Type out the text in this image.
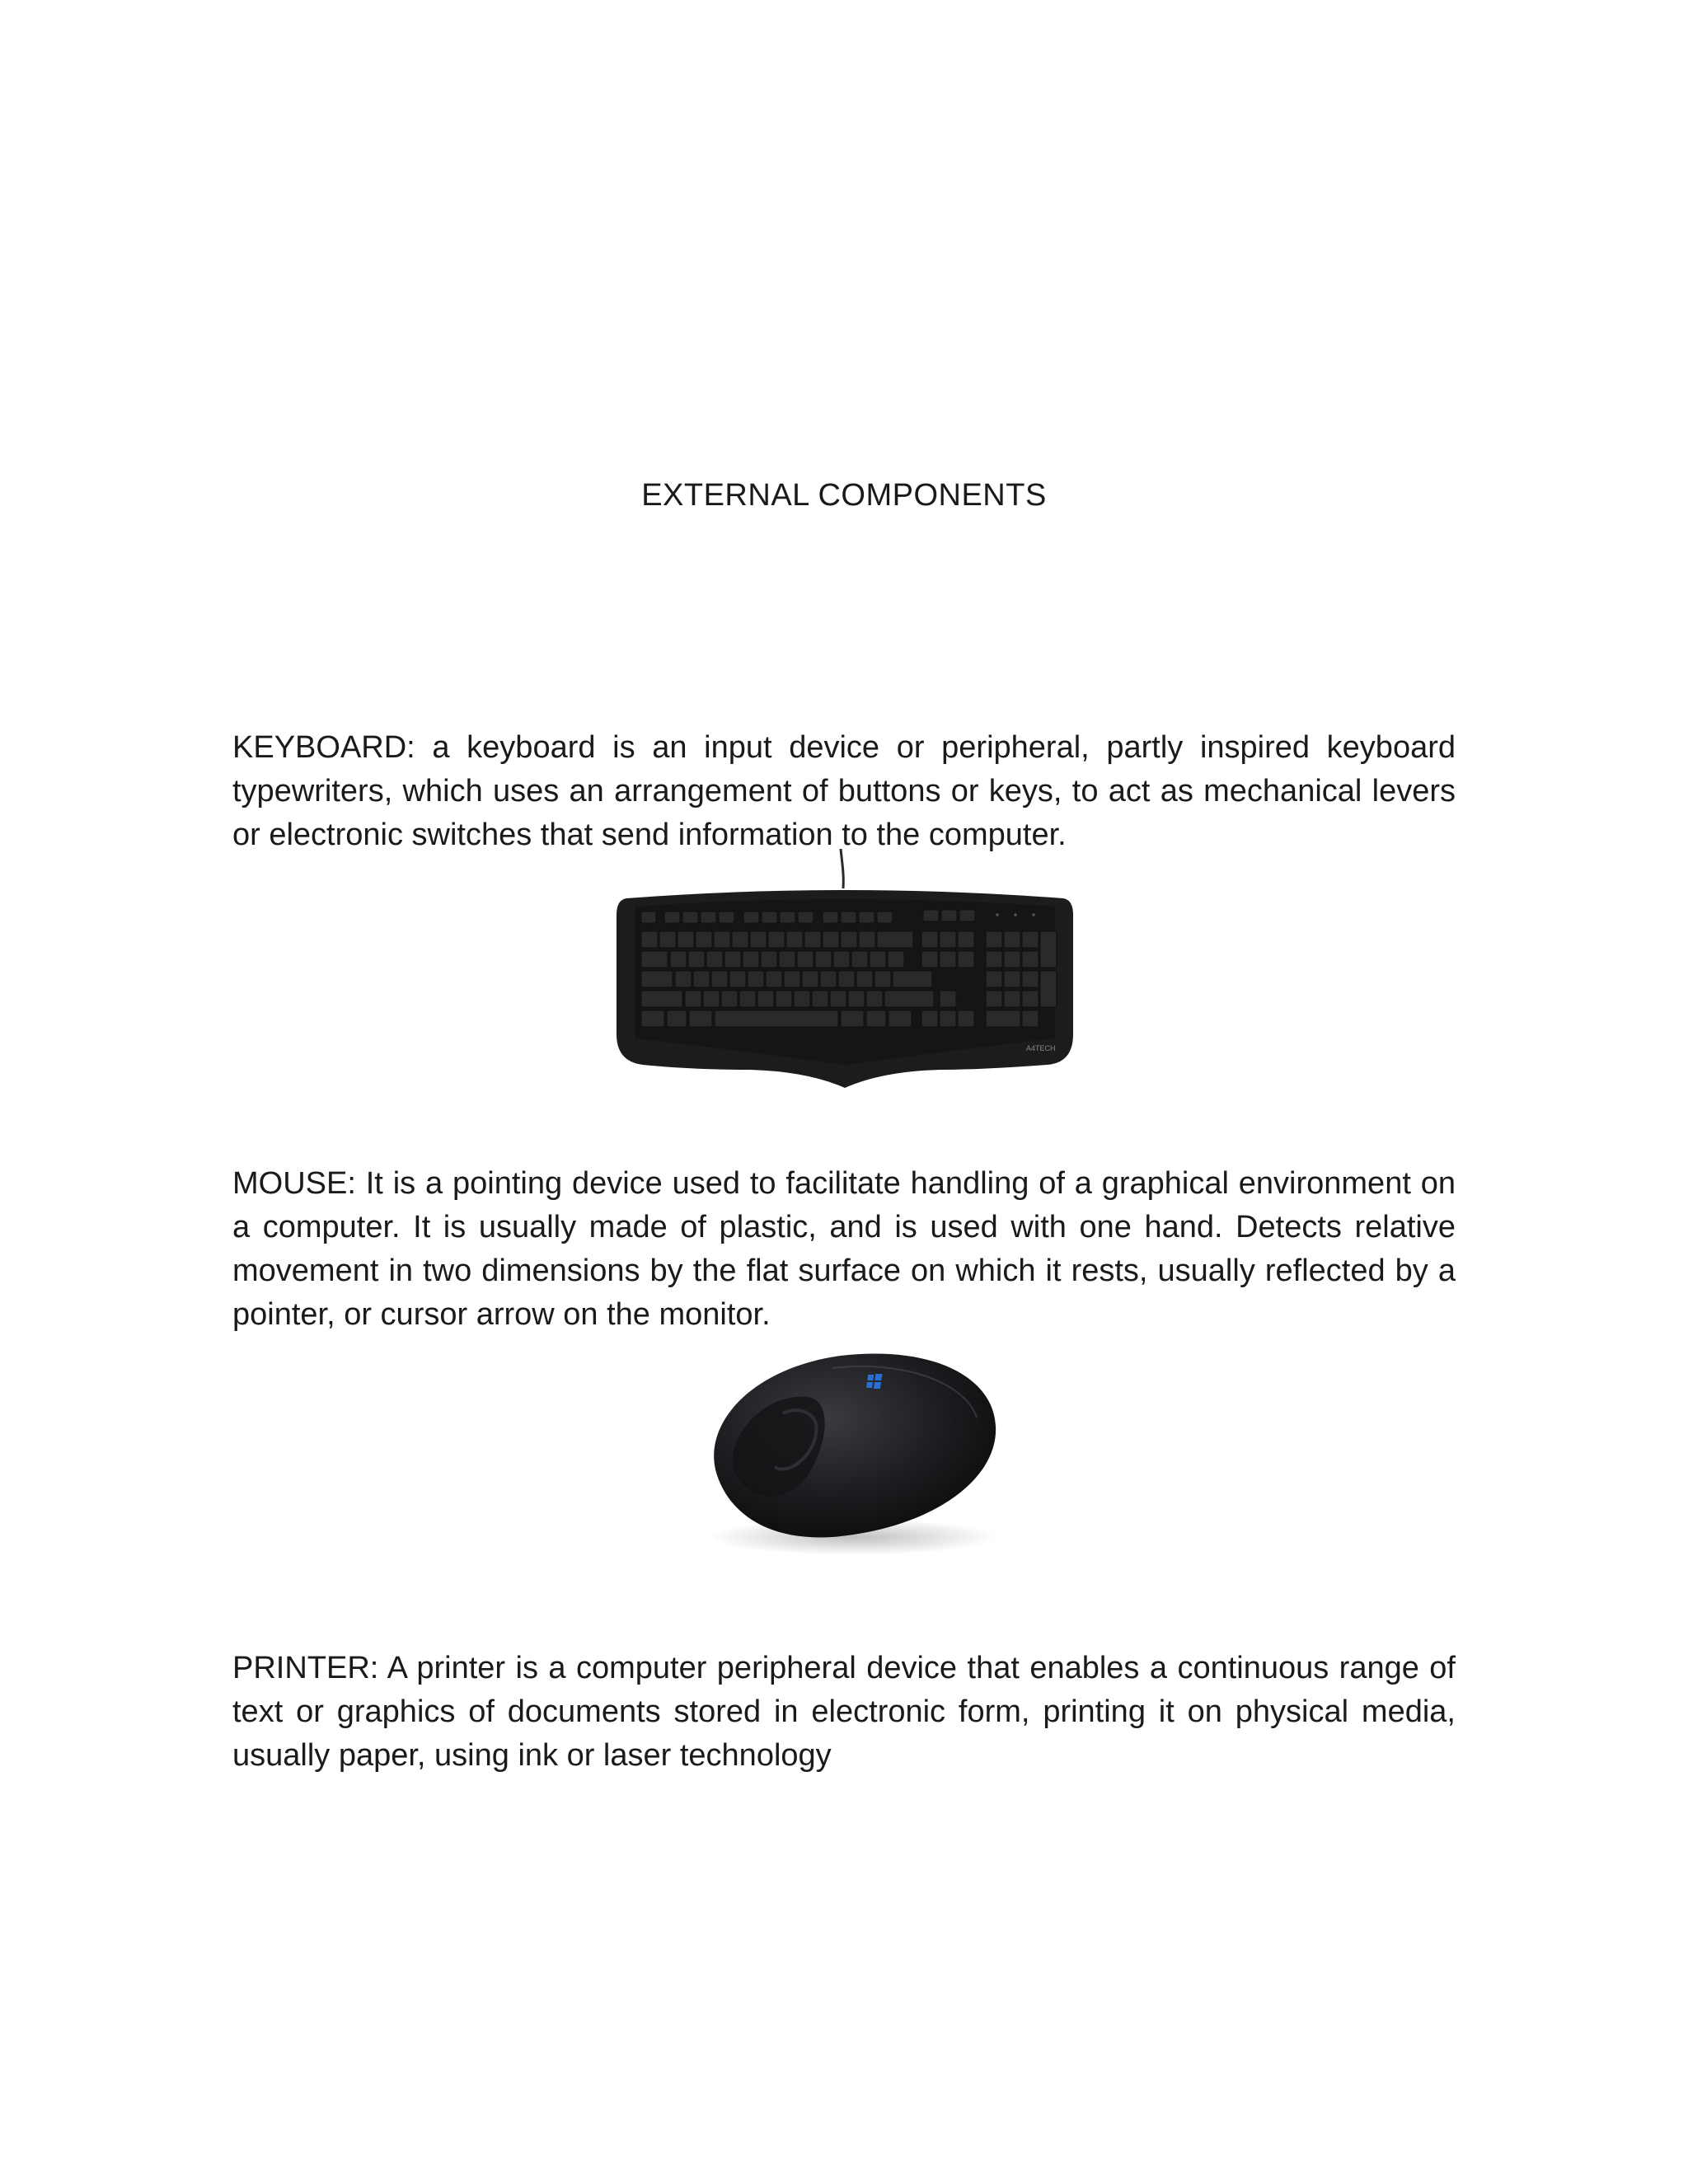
EXTERNAL COMPONENTS

KEYBOARD: a keyboard is an input device or peripheral, partly inspired keyboard typewriters, which uses an arrangement of buttons or keys, to act as mechanical levers or electronic switches that send information to the computer.

A4TECH

MOUSE: It is a pointing device used to facilitate handling of a graphical environment on a computer. It is usually made of plastic, and is used with one hand. Detects relative movement in two dimensions by the flat surface on which it rests, usually reflected by a pointer, or cursor arrow on the monitor.

PRINTER: A printer is a computer peripheral device that enables a continuous range of text or graphics of documents stored in electronic form, printing it on physical media, usually paper, using ink or laser technology
